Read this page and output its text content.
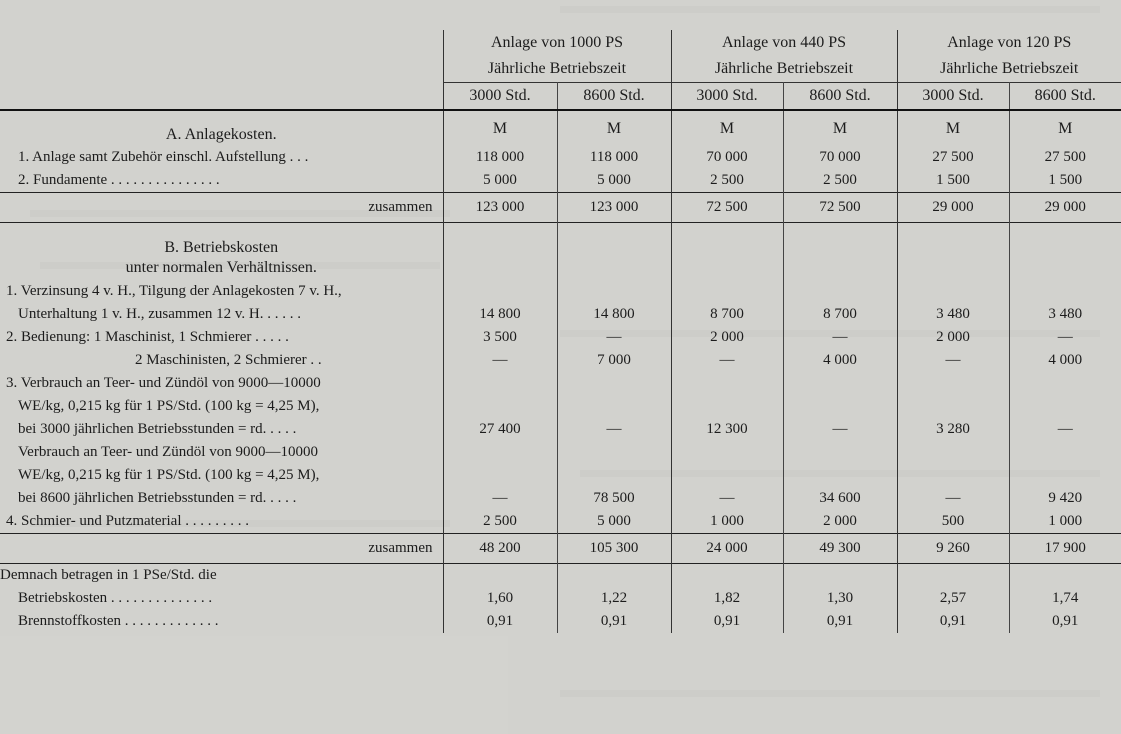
	Anlage von 1000 PS		Anlage von 440 PS		Anlage von 120 PS	
	Jährliche Betriebszeit		Jährliche Betriebszeit		Jährliche Betriebszeit	
	3000 Std.	8600 Std.	3000 Std.	8600 Std.	3000 Std.	8600 Std.
A. Anlagekosten.	M	M	M	M	M	M
1. Anlage samt Zubehör einschl. Aufstellung . . .	118 000	118 000	70 000	70 000	27 500	27 500
2. Fundamente . . . . . . . . . . . . . . .	5 000	5 000	2 500	2 500	1 500	1 500
zusammen	123 000	123 000	72 500	72 500	29 000	29 000
B. Betriebskosten						
unter normalen Verhältnissen.						
1. Verzinsung 4 v. H., Tilgung der Anlagekosten 7 v. H.,						
Unterhaltung 1 v. H., zusammen 12 v. H. . . . . .	14 800	14 800	8 700	8 700	3 480	3 480
2. Bedienung: 1 Maschinist, 1 Schmierer . . . . .	3 500	—	2 000	—	2 000	—
2 Maschinisten, 2 Schmierer . .	—	7 000	—	4 000	—	4 000
3. Verbrauch an Teer- und Zündöl von 9000—10000						
WE/kg, 0,215 kg für 1 PS/Std. (100 kg = 4,25 M),						
bei 3000 jährlichen Betriebsstunden = rd. . . . .	27 400	—	12 300	—	3 280	—
Verbrauch an Teer- und Zündöl von 9000—10000						
WE/kg, 0,215 kg für 1 PS/Std. (100 kg = 4,25 M),						
bei 8600 jährlichen Betriebsstunden = rd. . . . .	—	78 500	—	34 600	—	9 420
4. Schmier- und Putzmaterial . . . . . . . . .	2 500	5 000	1 000	2 000	500	1 000
zusammen	48 200	105 300	24 000	49 300	9 260	17 900
Demnach betragen in 1 PSe/Std. die						
Betriebskosten . . . . . . . . . . . . . .	1,60	1,22	1,82	1,30	2,57	1,74
Brennstoffkosten . . . . . . . . . . . . .	0,91	0,91	0,91	0,91	0,91	0,91
